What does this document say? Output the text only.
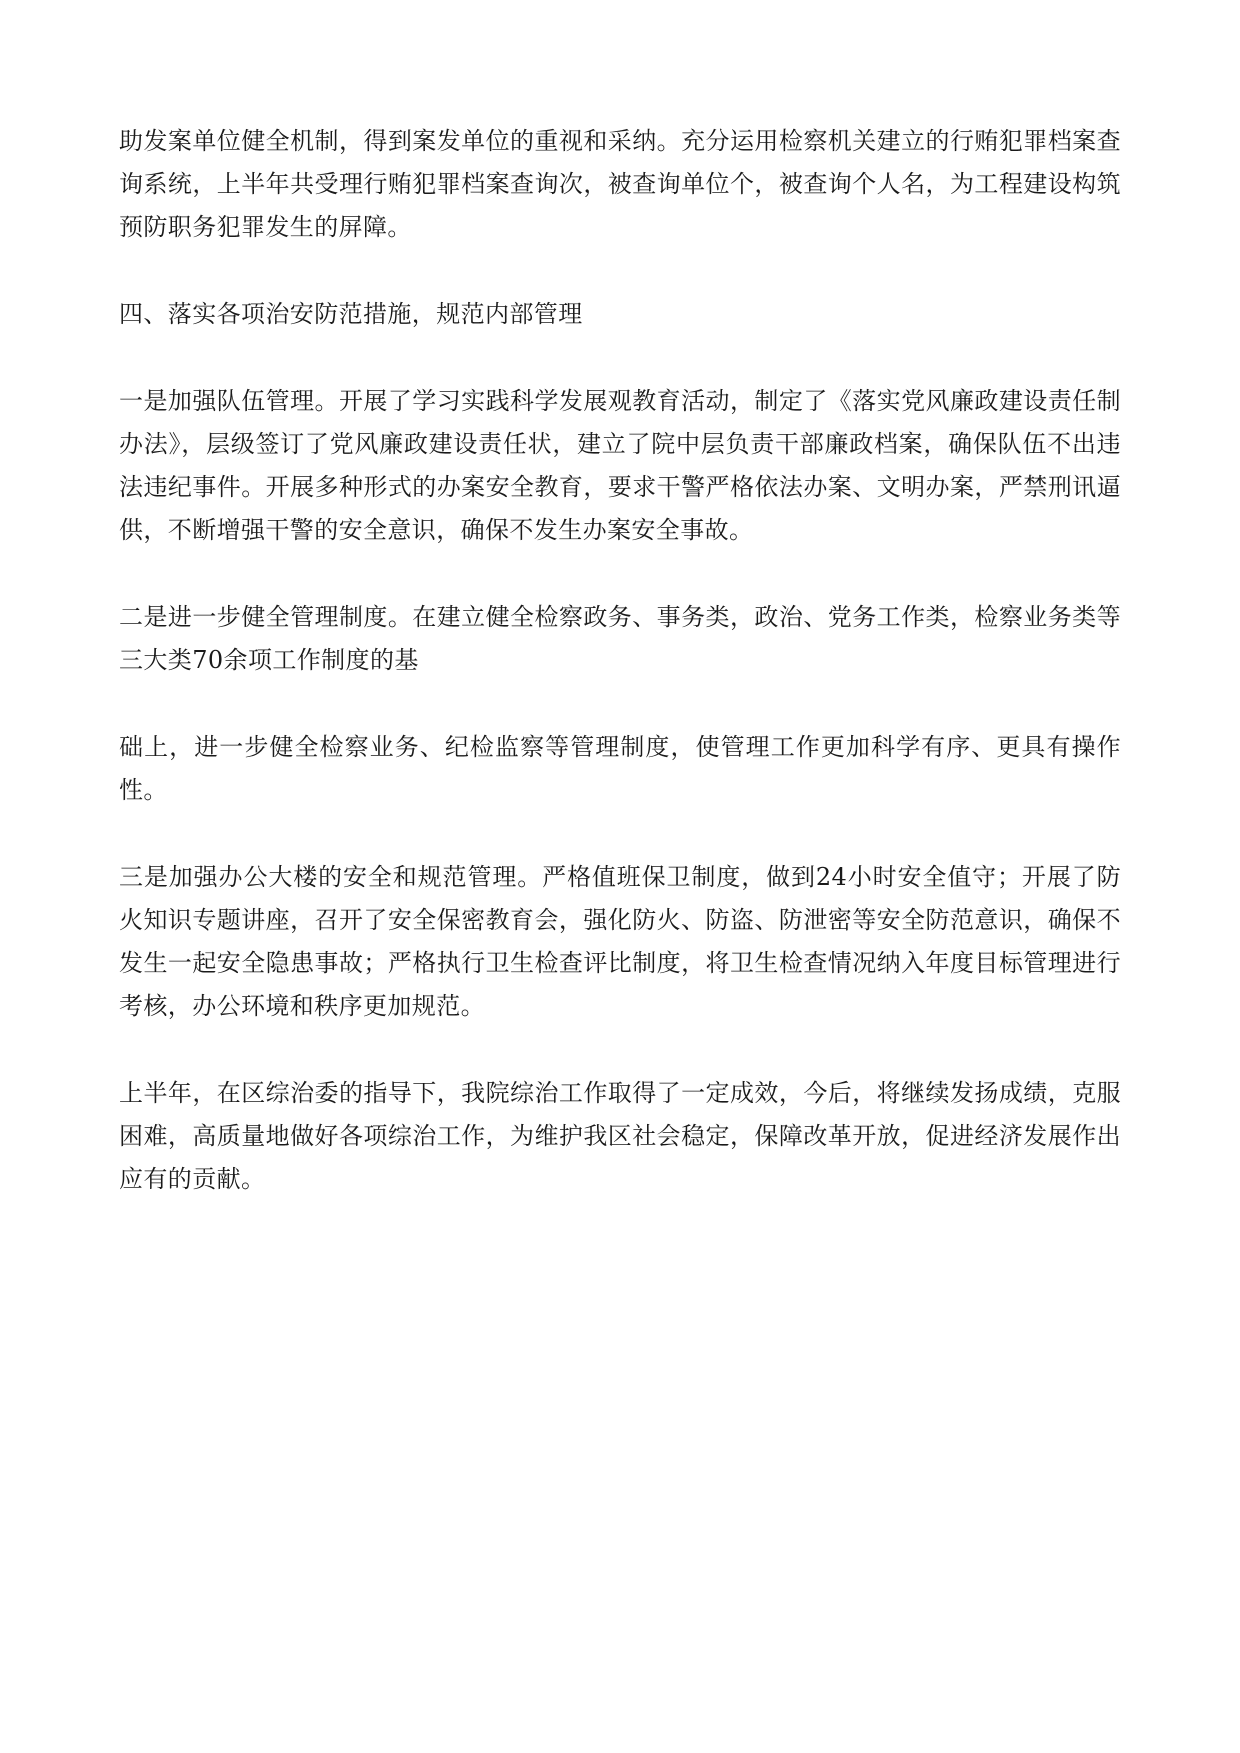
助发案单位健全机制，得到案发单位的重视和采纳。充分运用检察机关建立的行贿犯罪档案查询系统，上半年共受理行贿犯罪档案查询次，被查询单位个，被查询个人名，为工程建设构筑预防职务犯罪发生的屏障。

四、落实各项治安防范措施，规范内部管理

一是加强队伍管理。开展了学习实践科学发展观教育活动，制定了《落实党风廉政建设责任制办法》，层级签订了党风廉政建设责任状，建立了院中层负责干部廉政档案，确保队伍不出违法违纪事件。开展多种形式的办案安全教育，要求干警严格依法办案、文明办案，严禁刑讯逼供，不断增强干警的安全意识，确保不发生办案安全事故。

二是进一步健全管理制度。在建立健全检察政务、事务类，政治、党务工作类，检察业务类等三大类70余项工作制度的基

础上，进一步健全检察业务、纪检监察等管理制度，使管理工作更加科学有序、更具有操作性。

三是加强办公大楼的安全和规范管理。严格值班保卫制度，做到24小时安全值守；开展了防火知识专题讲座，召开了安全保密教育会，强化防火、防盗、防泄密等安全防范意识，确保不发生一起安全隐患事故；严格执行卫生检查评比制度，将卫生检查情况纳入年度目标管理进行考核，办公环境和秩序更加规范。

上半年，在区综治委的指导下，我院综治工作取得了一定成效，今后，将继续发扬成绩，克服困难，高质量地做好各项综治工作，为维护我区社会稳定，保障改革开放，促进经济发展作出应有的贡献。
